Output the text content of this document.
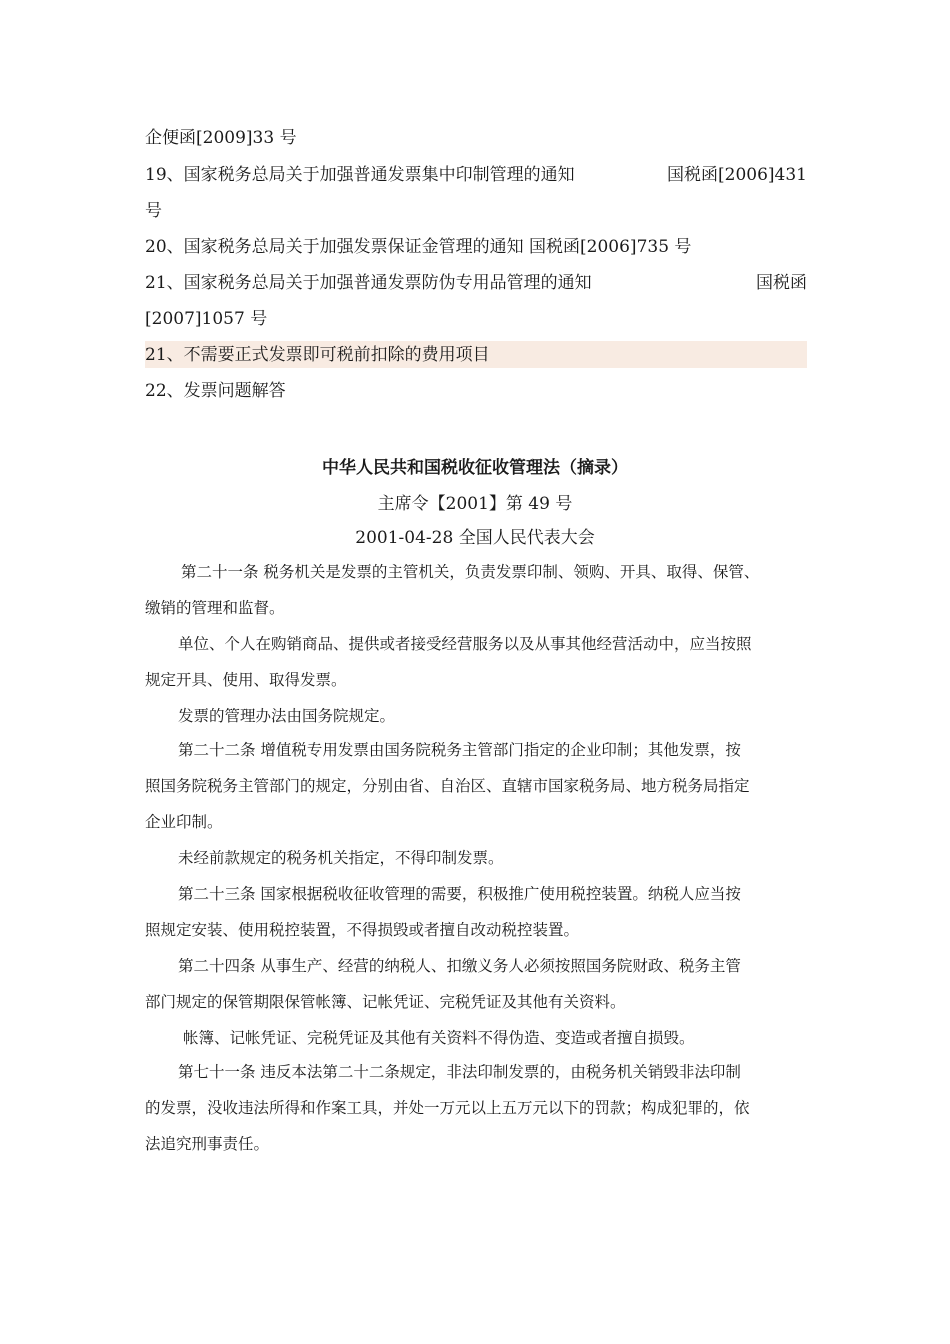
企便函[2009]33 号
19、国家税务总局关于加强普通发票集中印制管理的通知	国税函[2006]431
号
20、国家税务总局关于加强发票保证金管理的通知 国税函[2006]735 号
21、国家税务总局关于加强普通发票防伪专用品管理的通知	国税函
[2007]1057 号
21、不需要正式发票即可税前扣除的费用项目
22、发票问题解答
中华人民共和国税收征收管理法（摘录）
主席令【2001】第 49 号
2001-04-28 全国人民代表大会
第二十一条 税务机关是发票的主管机关，负责发票印制、领购、开具、取得、保管、
缴销的管理和监督。
单位、个人在购销商品、提供或者接受经营服务以及从事其他经营活动中，应当按照
规定开具、使用、取得发票。
发票的管理办法由国务院规定。
第二十二条 增值税专用发票由国务院税务主管部门指定的企业印制；其他发票，按
照国务院税务主管部门的规定，分别由省、自治区、直辖市国家税务局、地方税务局指定
企业印制。
未经前款规定的税务机关指定，不得印制发票。
第二十三条 国家根据税收征收管理的需要，积极推广使用税控装置。纳税人应当按
照规定安装、使用税控装置，不得损毁或者擅自改动税控装置。
第二十四条 从事生产、经营的纳税人、扣缴义务人必须按照国务院财政、税务主管
部门规定的保管期限保管帐簿、记帐凭证、完税凭证及其他有关资料。
帐簿、记帐凭证、完税凭证及其他有关资料不得伪造、变造或者擅自损毁。
第七十一条 违反本法第二十二条规定，非法印制发票的，由税务机关销毁非法印制
的发票，没收违法所得和作案工具，并处一万元以上五万元以下的罚款；构成犯罪的，依
法追究刑事责任。
